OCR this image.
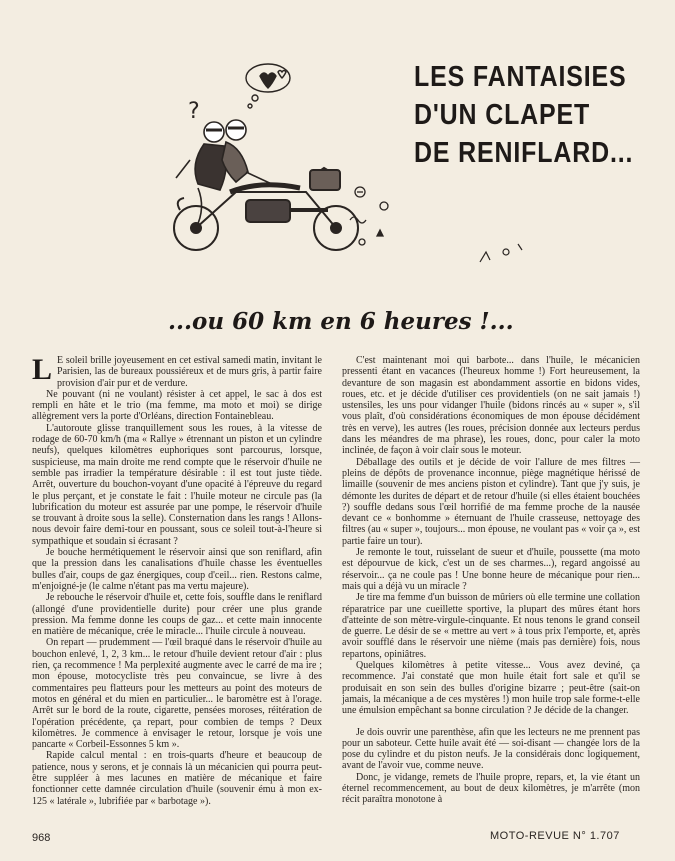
?
LES FANTAISIES
D'UN CLAPET
DE RENIFLARD...
...ou 60 km en 6 heures !...

L E soleil brille joyeusement en cet estival samedi matin, invitant le Parisien, las de bureaux poussiéreux et de murs gris, à partir faire provision d'air pur et de verdure.

Ne pouvant (ni ne voulant) résister à cet appel, le sac à dos est rempli en hâte et le trio (ma femme, ma moto et moi) se dirige allègrement vers la porte d'Orléans, direction Fontainebleau.

L'autoroute glisse tranquillement sous les roues, à la vitesse de rodage de 60-70 km/h (ma « Rallye » étrennant un piston et un cylindre neufs), quelques kilomètres euphoriques sont parcourus, lorsque, suspicieuse, ma main droite me rend compte que le réservoir d'huile ne semble pas irradier la température désirable : il est tout juste tiède. Arrêt, ouverture du bouchon-voyant d'une opacité à l'épreuve du regard le plus perçant, et je constate le fait : l'huile moteur ne circule pas (la lubrification du moteur est assurée par une pompe, le réservoir d'huile se trouvant à droite sous la selle). Consternation dans les rangs ! Allons-nous devoir faire demi-tour en poussant, sous ce soleil tout-à-l'heure si sympathique et soudain si écrasant ?

Je bouche hermétiquement le réservoir ainsi que son reniflard, afin que la pression dans les canalisations d'huile chasse les éventuelles bulles d'air, coups de gaz énergiques, coup d'ceil... rien. Restons calme, m'enjoigné-je (le calme n'étant pas ma vertu majeure).

Je rebouche le réservoir d'huile et, cette fois, souffle dans le reniflard (allongé d'une providentielle durite) pour créer une plus grande pression. Ma femme donne les coups de gaz... et cette main innocente en matière de mécanique, crée le miracle... l'huile circule à nouveau.

On repart — prudemment — l'œil braqué dans le réservoir d'huile au bouchon enlevé, 1, 2, 3 km... le retour d'huile devient retour d'air : plus rien, ça recommence ! Ma perplexité augmente avec le carré de ma ire ; mon épouse, motocycliste très peu convaincue, se livre à des commentaires peu flatteurs pour les metteurs au point des moteurs de motos en général et du mien en particulier... le baromètre est à l'orage. Arrêt sur le bord de la route, cigarette, pensées moroses, réitération de l'opération précédente, ça repart, pour combien de temps ? Deux kilomètres. Je commence à envisager le retour, lorsque je vois une pancarte « Corbeil-Essonnes 5 km ».

Rapide calcul mental : en trois-quarts d'heure et beaucoup de patience, nous y serons, et je connais là un mécanicien qui pourra peut-être suppléer à mes lacunes en matière de mécanique et faire fonctionner cette damnée circulation d'huile (souvenir ému à mon ex-125 « latérale », lubrifiée par « barbotage »).

C'est maintenant moi qui barbote... dans l'huile, le mécanicien pressenti étant en vacances (l'heureux homme !) Fort heureusement, la devanture de son magasin est abondamment assortie en bidons vides, roues, etc. et je décide d'utiliser ces providentiels (on ne sait jamais !) ustensiles, les uns pour vidanger l'huile (bidons rincés au « super », s'il vous plaît, d'où considérations économiques de mon épouse décidément très en verve), les autres (les roues, précision donnée aux lecteurs perdus dans les méandres de ma phrase), les roues, donc, pour caler la moto inclinée, de façon à voir clair sous le moteur.

Déballage des outils et je décide de voir l'allure de mes filtres — pleins de dépôts de provenance inconnue, piège magnétique hérissé de limaille (souvenir de mes anciens piston et cylindre). Tant que j'y suis, je démonte les durites de départ et de retour d'huile (si elles étaient bouchées ?) souffle dedans sous l'œil horrifié de ma femme proche de la nausée devant ce « bonhomme » éternuant de l'huile crasseuse, nettoyage des filtres (au « super », toujours... mon épouse, ne voulant pas « voir ça », est partie faire un tour).

Je remonte le tout, ruisselant de sueur et d'huile, poussette (ma moto est dépourvue de kick, c'est un de ses charmes...), regard angoissé au réservoir... ça ne coule pas ! Une bonne heure de mécanique pour rien... mais qui a déjà vu un miracle ?

Je tire ma femme d'un buisson de mûriers où elle termine une collation réparatrice par une cueillette sportive, la plupart des mûres étant hors d'atteinte de son mètre-virgule-cinquante. Et nous tenons le grand conseil de guerre. Le désir de se « mettre au vert » à tous prix l'emporte, et, après avoir soufflé dans le réservoir une nième (mais pas dernière) fois, nous repartons, opiniâtres.

Quelques kilomètres à petite vitesse... Vous avez deviné, ça recommence. J'ai constaté que mon huile était fort sale et qu'il se produisait en son sein des bulles d'origine bizarre ; peut-être (sait-on jamais, la mécanique a de ces mystères !) mon huile trop sale forme-t-elle une émulsion empêchant sa bonne circulation ? Je décide de la changer.

Je dois ouvrir une parenthèse, afin que les lecteurs ne me prennent pas pour un saboteur. Cette huile avait été — soi-disant — changée lors de la pose du cylindre et du piston neufs. Je la considérais donc logiquement, avant de l'avoir vue, comme neuve.

Donc, je vidange, remets de l'huile propre, repars, et, la vie étant un éternel recommencement, au bout de deux kilomètres, je m'arrête (mon récit paraîtra monotone à

968	MOTO-REVUE N° 1.707
